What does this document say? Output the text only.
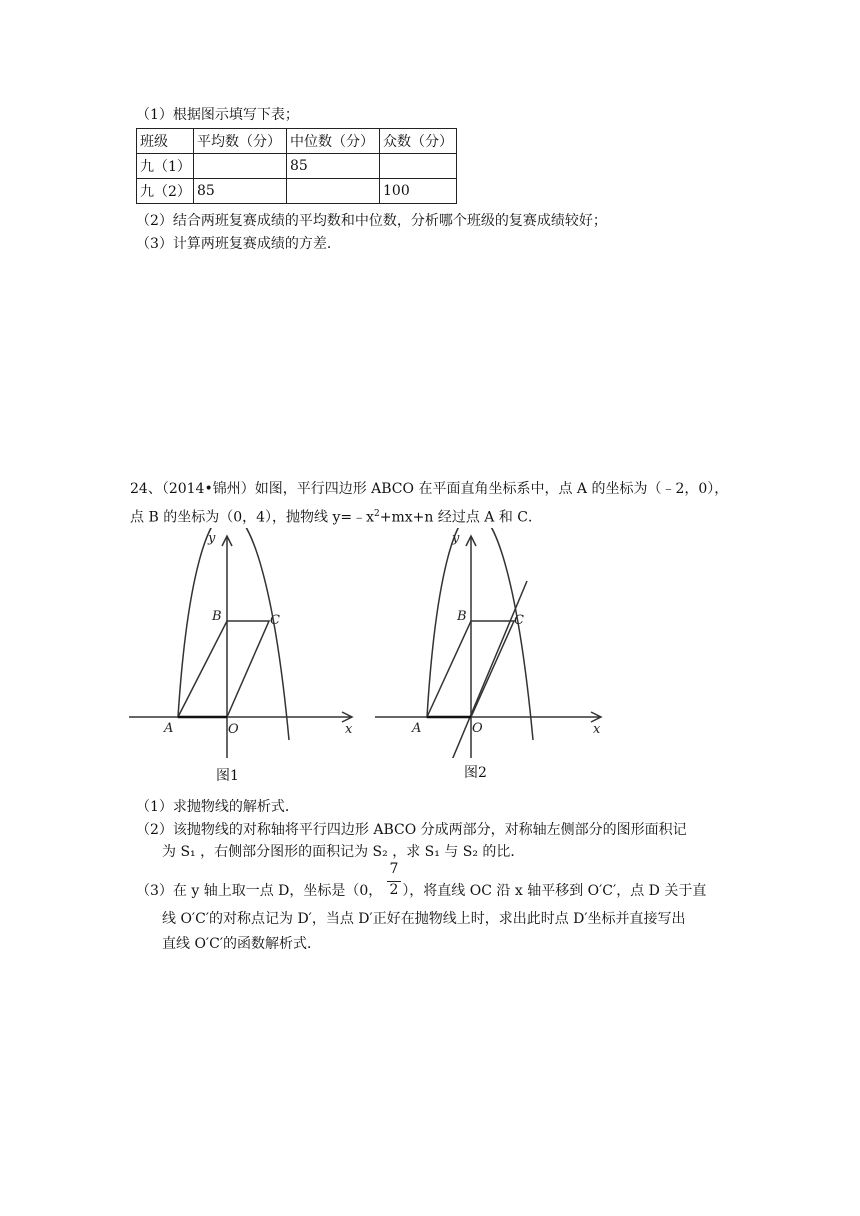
（1）根据图示填写下表；
班级	平均数（分）	中位数（分）	众数（分）
九（1）		85	
九（2）	85		100
（2）结合两班复赛成绩的平均数和中位数，分析哪个班级的复赛成绩较好；
（3）计算两班复赛成绩的方差．
24、（2014•锦州）如图，平行四边形 ABCO 在平面直角坐标系中，点 A 的坐标为（﹣2，0），
点 B 的坐标为（0，4），抛物线 $y=﹣x^2+mx+n$ 经过点 A 和 C．
y
x
B	C
A	O
图1
y
x
B	C
A	O
图2
（1）求抛物线的解析式．
（2）该抛物线的对称轴将平行四边形 ABCO 分成两部分，对称轴左侧部分的图形面积记
为 S₁ ，右侧部分图形的面积记为 S₂ ，求 S₁ 与 S₂ 的比．
（3）在 y 轴上取一点 D，坐标是（0， ），将直线 OC 沿 x 轴平移到 O′C′，点 D 关于直
7
2
线 O′C′的对称点记为 D′，当点 D′正好在抛物线上时，求出此时点 D′坐标并直接写出
直线 O′C′的函数解析式．
